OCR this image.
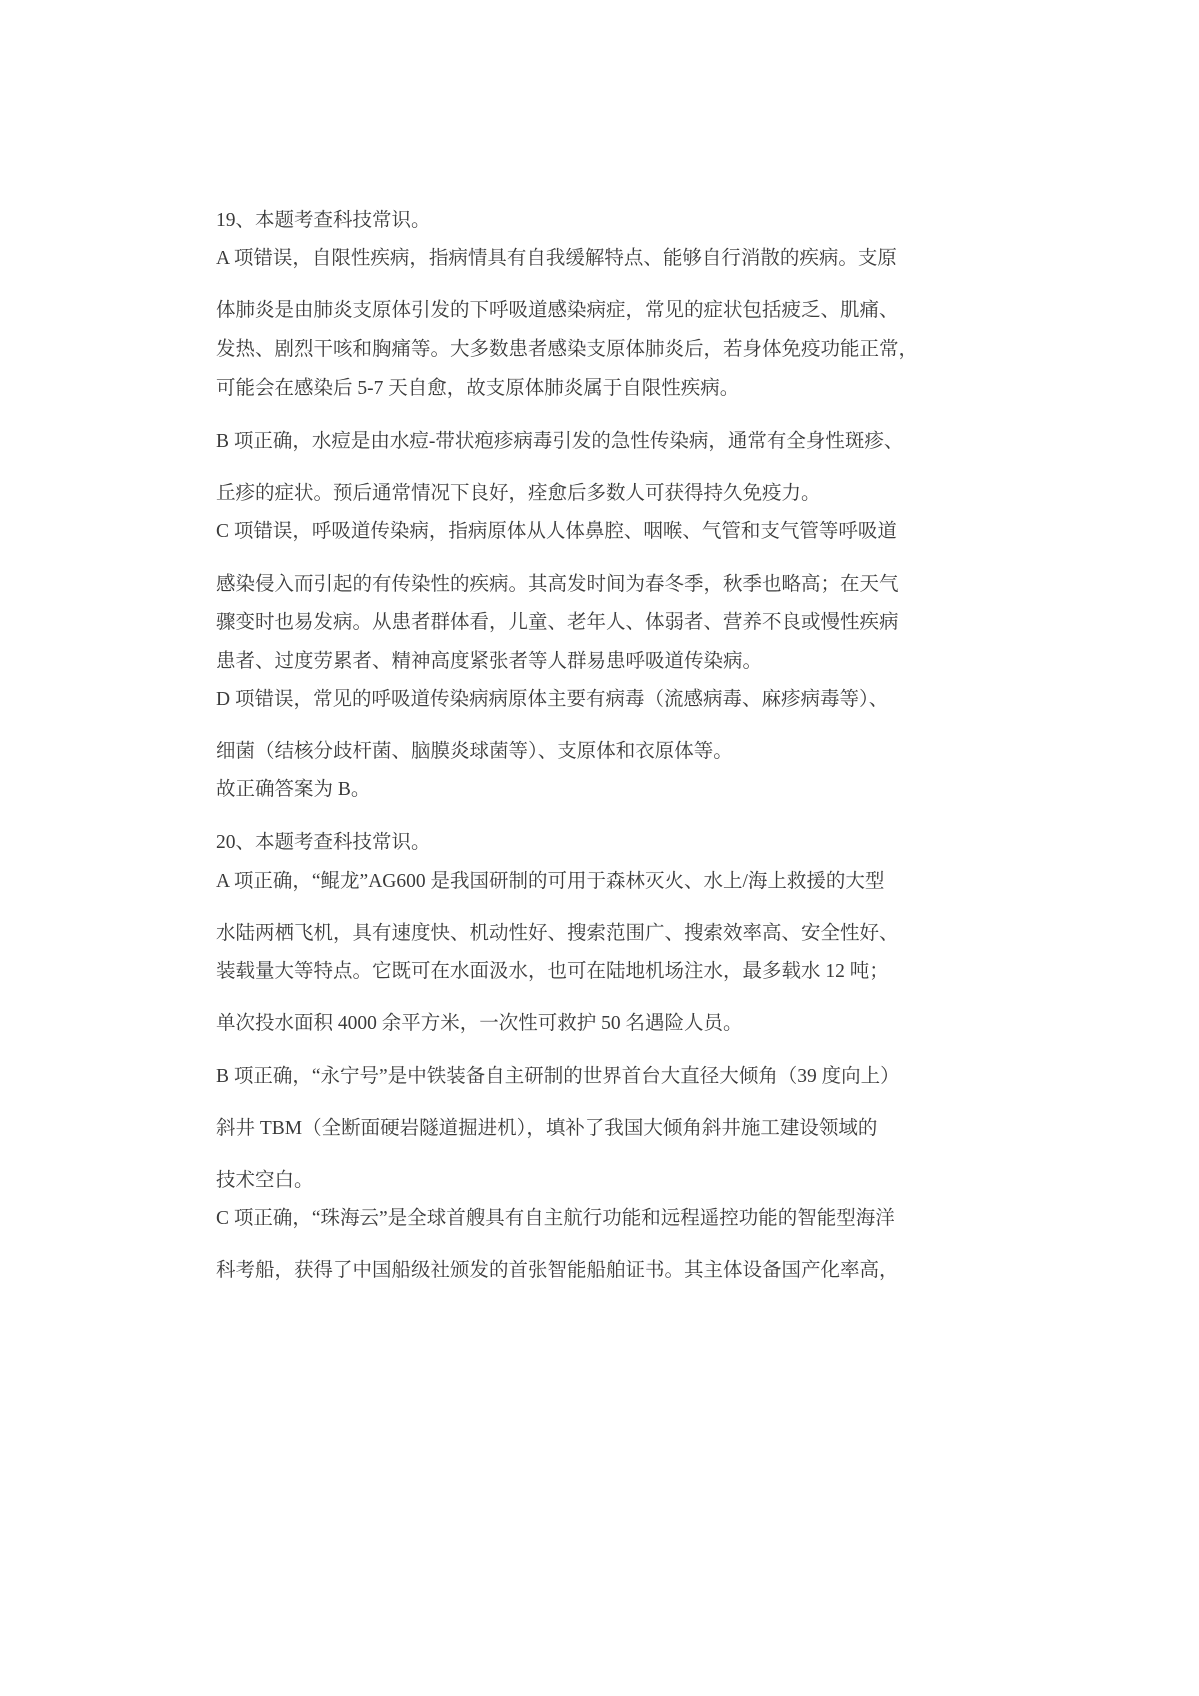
19、本题考查科技常识。
A 项错误，自限性疾病，指病情具有自我缓解特点、能够自行消散的疾病。支原
体肺炎是由肺炎支原体引发的下呼吸道感染病症，常见的症状包括疲乏、肌痛、
发热、剧烈干咳和胸痛等。大多数患者感染支原体肺炎后，若身体免疫功能正常，
可能会在感染后 5-7 天自愈，故支原体肺炎属于自限性疾病。
B 项正确，水痘是由水痘-带状疱疹病毒引发的急性传染病，通常有全身性斑疹、
丘疹的症状。预后通常情况下良好，痊愈后多数人可获得持久免疫力。
C 项错误，呼吸道传染病，指病原体从人体鼻腔、咽喉、气管和支气管等呼吸道
感染侵入而引起的有传染性的疾病。其高发时间为春冬季，秋季也略高；在天气
骤变时也易发病。从患者群体看，儿童、老年人、体弱者、营养不良或慢性疾病
患者、过度劳累者、精神高度紧张者等人群易患呼吸道传染病。
D 项错误，常见的呼吸道传染病病原体主要有病毒（流感病毒、麻疹病毒等）、
细菌（结核分歧杆菌、脑膜炎球菌等）、支原体和衣原体等。
故正确答案为 B。
20、本题考查科技常识。
A 项正确，“鲲龙”AG600 是我国研制的可用于森林灭火、水上/海上救援的大型
水陆两栖飞机，具有速度快、机动性好、搜索范围广、搜索效率高、安全性好、
装载量大等特点。它既可在水面汲水，也可在陆地机场注水，最多载水 12 吨；
单次投水面积 4000 余平方米，一次性可救护 50 名遇险人员。
B 项正确，“永宁号”是中铁装备自主研制的世界首台大直径大倾角（39 度向上）
斜井 TBM（全断面硬岩隧道掘进机），填补了我国大倾角斜井施工建设领域的
技术空白。
C 项正确，“珠海云”是全球首艘具有自主航行功能和远程遥控功能的智能型海洋
科考船，获得了中国船级社颁发的首张智能船舶证书。其主体设备国产化率高，
